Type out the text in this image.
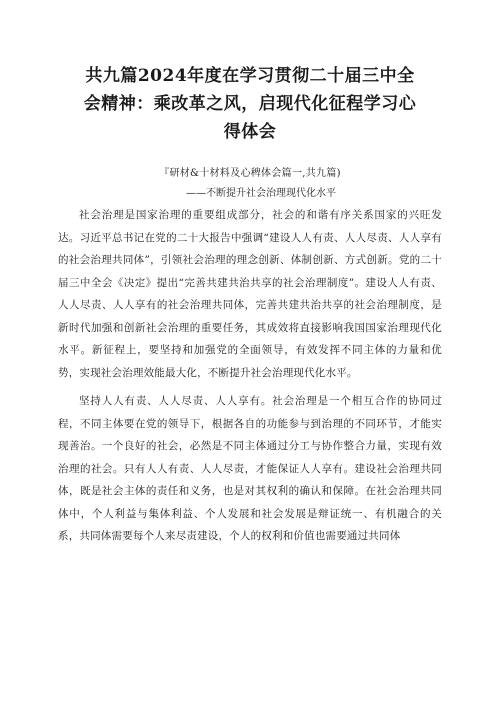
共九篇2024年度在学习贯彻二十届三中全
会精神：乘改革之风，启现代化征程学习心
得体会

『研材&十材料及心稗体会篇一,共九篇)

——不断提升社会治理现代化水平

社会治理是国家治理的重要组成部分，社会的和谐有序关系国家的兴旺发达。习近平总书记在党的二十大报告中强调“建设人人有责、人人尽责、人人享有的社会治理共同体”，引领社会治理的理念创新、体制创新、方式创新。党的二十届三中全会《决定》提出“完善共建共治共享的社会治理制度”。建设人人有责、人人尽责、人人享有的社会治理共同体，完善共建共治共享的社会治理制度，是新时代加强和创新社会治理的重要任务，其成效将直接影响我国国家治理现代化水平。新征程上，要坚持和加强党的全面领导，有效发挥不同主体的力量和优势，实现社会治理效能最大化，不断提升社会治理现代化水平。

坚持人人有责、人人尽责、人人享有。社会治理是一个相互合作的协同过程，不同主体要在党的领导下，根据各自的功能参与到治理的不同环节，才能实现善治。一个良好的社会，必然是不同主体通过分工与协作整合力量，实现有效治理的社会。只有人人有责、人人尽责，才能保证人人享有。建设社会治理共同体，既是社会主体的责任和义务，也是对其权利的确认和保障。在社会治理共同体中，个人利益与集体利益、个人发展和社会发展是辩证统一、有机融合的关系，共同体需要每个人来尽责建设，个人的权利和价值也需要通过共同体
